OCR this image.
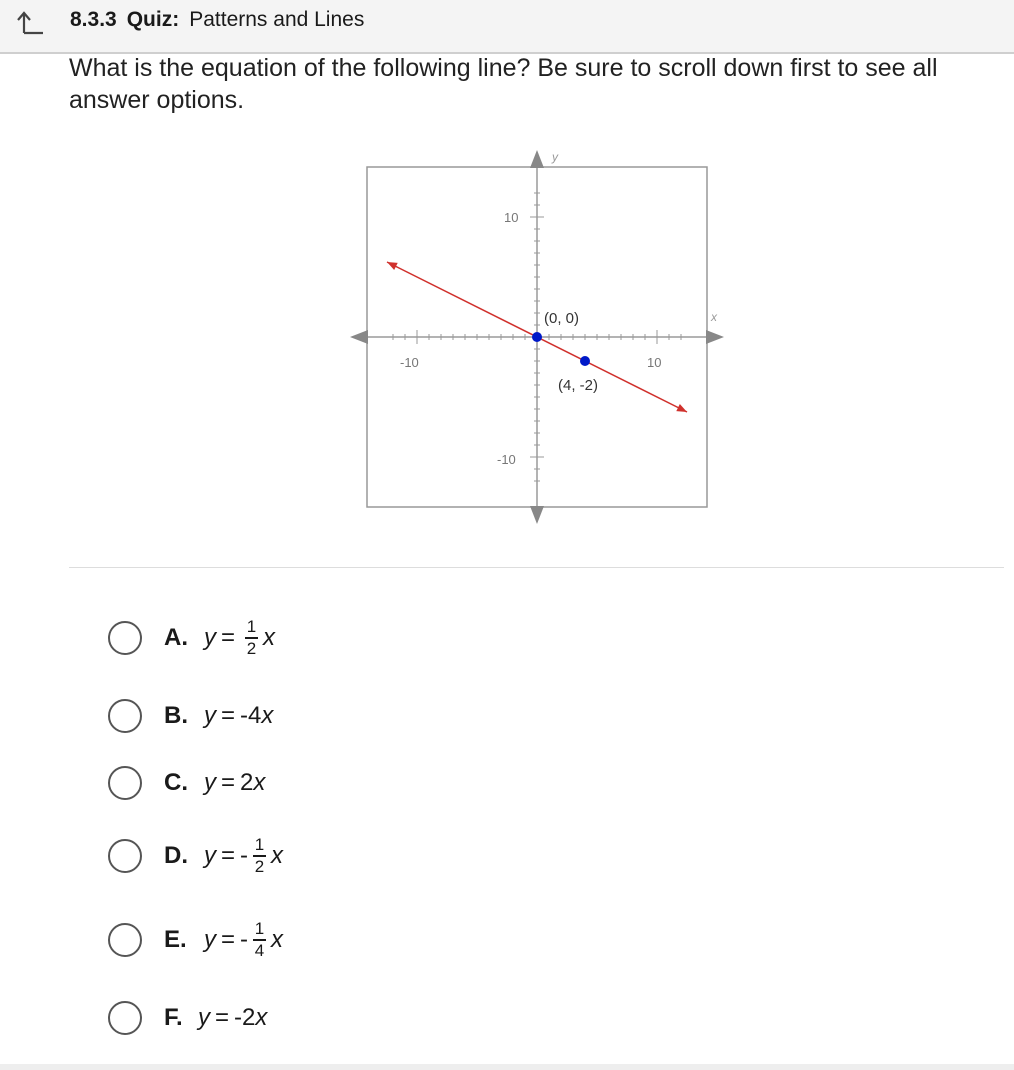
8.3.3 Quiz: Patterns and Lines
What is the equation of the following line? Be sure to scroll down first to see all answer options.
x
y
-10	10
10
-10
(0, 0)
(4, -2)
A. $y = \frac{1}{2}$ x
B. y = -4 x
C. y = 2 x
D. y = - $\frac{1}{2}$ x
E. y = - $\frac{1}{4}$ x
F. y = -2 x
